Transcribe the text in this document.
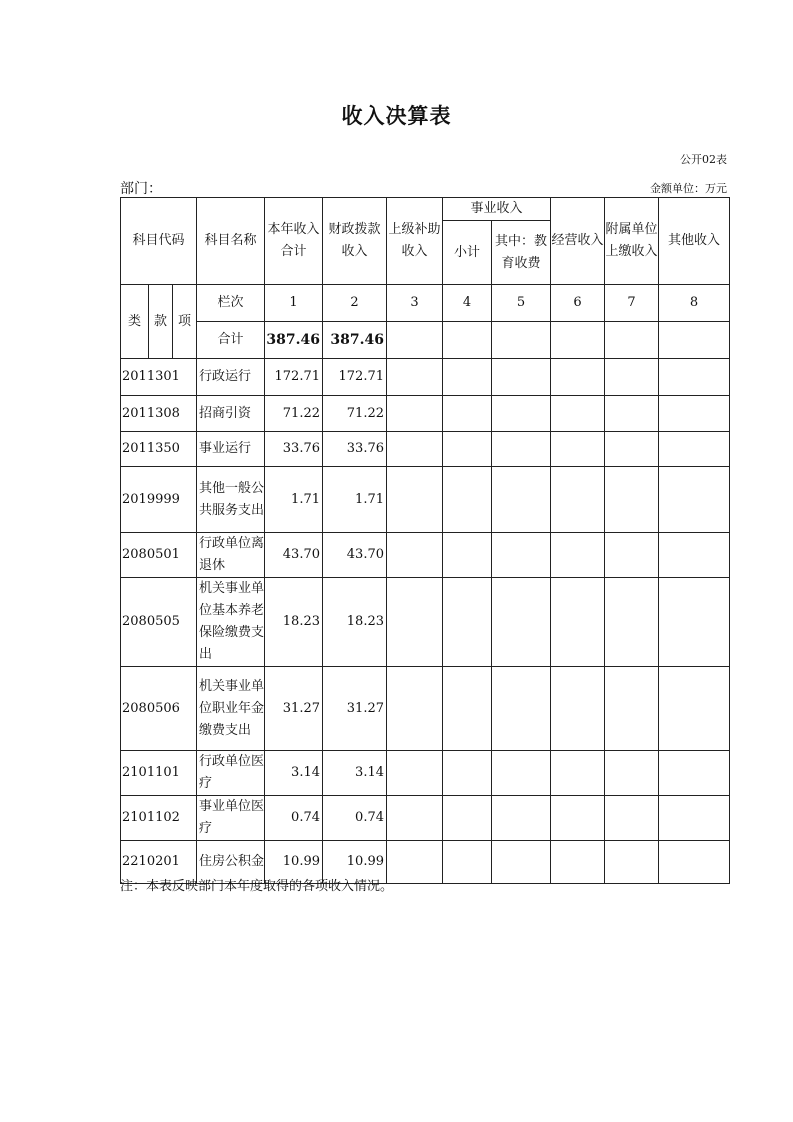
收入决算表
公开02表
部门：	金额单位：万元
科目代码			科目名称	本年收入合计	财政拨款收入	上级补助收入	事业收入		经营收入	附属单位上缴收入	其他收入
							小计	其中：教育收费			
类	款	项	栏次	1	2	3	4	5	6	7	8
			合计	387.46	387.46						
2011301			行政运行	172.71	172.71						
2011308			招商引资	71.22	71.22						
2011350			事业运行	33.76	33.76						
2019999			其他一般公共服务支出	1.71	1.71						
2080501			行政单位离退休	43.70	43.70						
2080505			机关事业单位基本养老保险缴费支出	18.23	18.23						
2080506			机关事业单位职业年金缴费支出	31.27	31.27						
2101101			行政单位医疗	3.14	3.14						
2101102			事业单位医疗	0.74	0.74						
2210201			住房公积金	10.99	10.99						
注：本表反映部门本年度取得的各项收入情况。
